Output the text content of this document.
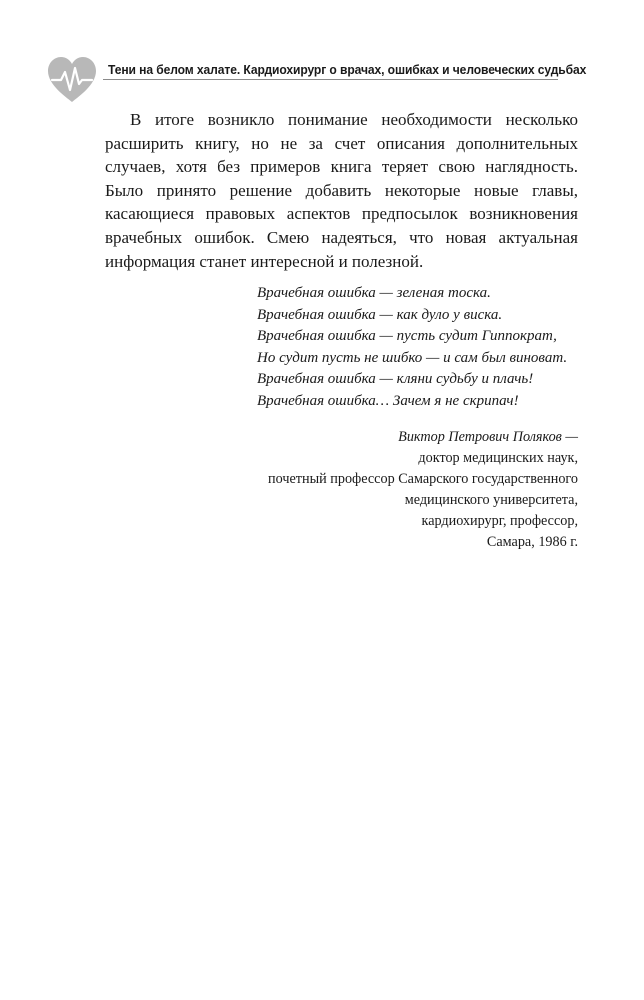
Тени на белом халате. Кардиохирург о врачах, ошибках и человеческих судьбах

В итоге возникло понимание необходимости несколько расширить книгу, но не за счет описания дополнительных случаев, хотя без примеров книга теряет свою наглядность. Было принято решение добавить некоторые новые главы, касающиеся правовых аспектов предпосылок возникновения врачебных ошибок. Смею надеяться, что новая актуальная информация станет интересной и полезной.

Врачебная ошибка — зеленая тоска.
Врачебная ошибка — как дуло у виска.
Врачебная ошибка — пусть судит Гиппократ,
Но судит пусть не шибко — и сам был виноват.
Врачебная ошибка — кляни судьбу и плачь!
Врачебная ошибка… Зачем я не скрипач!
Виктор Петрович Поляков —
доктор медицинских наук,
почетный профессор Самарского государственного
медицинского университета,
кардиохирург, профессор,
Самара, 1986 г.
